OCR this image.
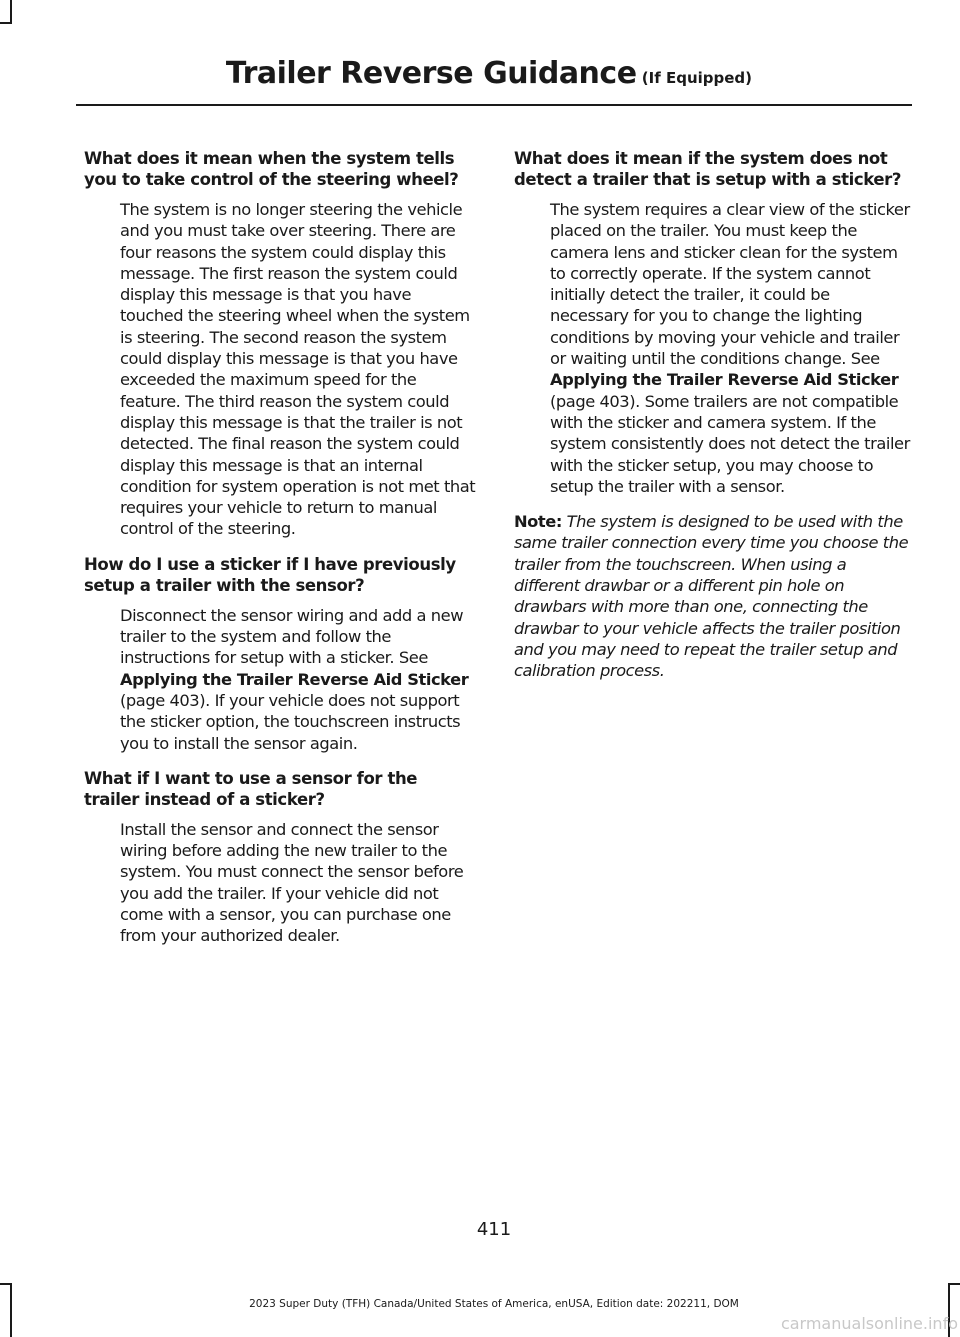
Trailer Reverse Guidance (If Equipped)
What does it mean when the system tells you to take control of the steering wheel?
The system is no longer steering the vehicle and you must take over steering. There are four reasons the system could display this message. The first reason the system could display this message is that you have touched the steering wheel when the system is steering. The second reason the system could display this message is that you have exceeded the maximum speed for the feature. The third reason the system could display this message is that the trailer is not detected. The final reason the system could display this message is that an internal condition for system operation is not met that requires your vehicle to return to manual control of the steering.
How do I use a sticker if I have previously setup a trailer with the sensor?
Disconnect the sensor wiring and add a new trailer to the system and follow the instructions for setup with a sticker. See Applying the Trailer Reverse Aid Sticker (page 403). If your vehicle does not support the sticker option, the touchscreen instructs you to install the sensor again.
What if I want to use a sensor for the trailer instead of a sticker?
Install the sensor and connect the sensor wiring before adding the new trailer to the system. You must connect the sensor before you add the trailer. If your vehicle did not come with a sensor, you can purchase one from your authorized dealer.
What does it mean if the system does not detect a trailer that is setup with a sticker?
The system requires a clear view of the sticker placed on the trailer. You must keep the camera lens and sticker clean for the system to correctly operate. If the system cannot initially detect the trailer, it could be necessary for you to change the lighting conditions by moving your vehicle and trailer or waiting until the conditions change. See Applying the Trailer Reverse Aid Sticker (page 403). Some trailers are not compatible with the sticker and camera system. If the system consistently does not detect the trailer with the sticker setup, you may choose to setup the trailer with a sensor.

Note: The system is designed to be used with the same trailer connection every time you choose the trailer from the touchscreen. When using a different drawbar or a different pin hole on drawbars with more than one, connecting the drawbar to your vehicle affects the trailer position and you may need to repeat the trailer setup and calibration process.

411
2023 Super Duty (TFH) Canada/United States of America, enUSA, Edition date: 202211, DOM
carmanualsonline.info
